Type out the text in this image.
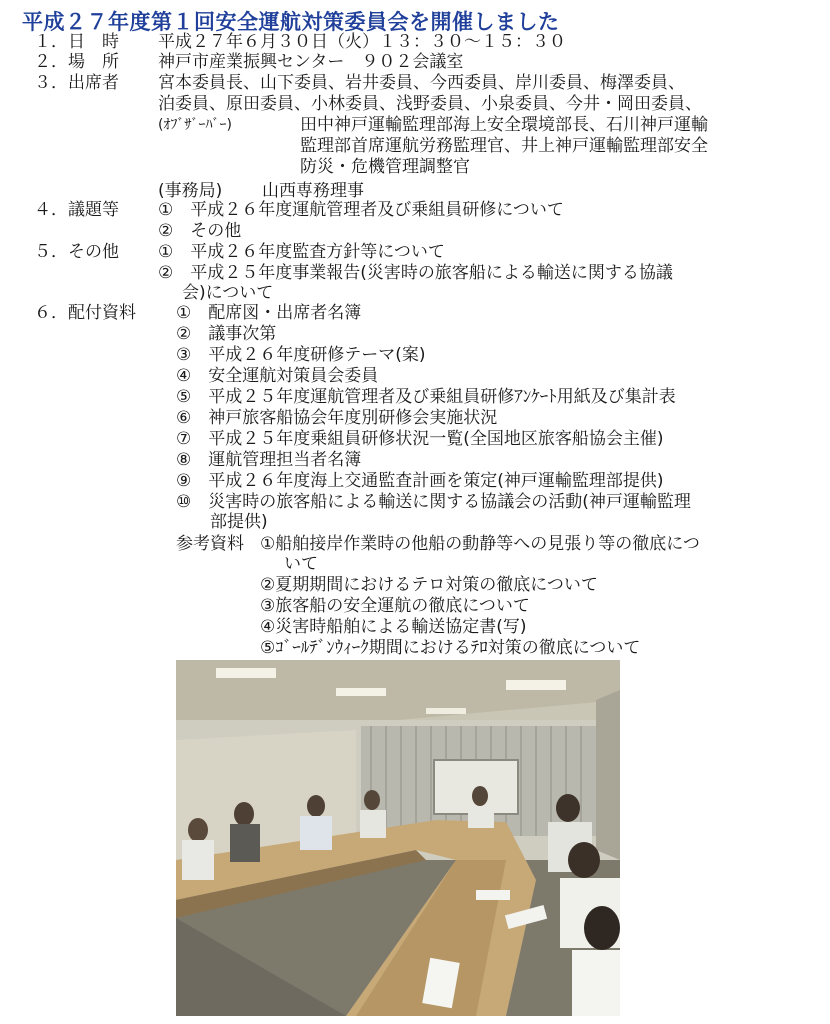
平成２７年度第１回安全運航対策委員会を開催しました
１． 日　時 平成２７年６月３０日（火）１３：３０～１５：３０
２． 場　所 神戸市産業振興センター　９０２会議室
３． 出席者 宮本委員長、山下委員、岩井委員、今西委員、岸川委員、梅澤委員、
泊委員、原田委員、小林委員、浅野委員、小泉委員、今井・岡田委員、
(ｵﾌﾞｻﾞｰﾊﾞｰ)	田中神戸運輸監理部海上安全環境部長、石川神戸運輸
監理部首席運航労務監理官、井上神戸運輸監理部安全
防災・危機管理調整官
(事務局) 山西専務理事
４． 議題等 ①　平成２６年度運航管理者及び乗組員研修について
②　その他
５． その他 ①　平成２６年度監査方針等について
②　平成２５年度事業報告(災害時の旅客船による輸送に関する協議
会)について
６． 配付資料 ①　配席図・出席者名簿
②　議事次第
③　平成２６年度研修テーマ(案)
④　安全運航対策員会委員
⑤　平成２５年度運航管理者及び乗組員研修ｱﾝｹｰﾄ用紙及び集計表
⑥　神戸旅客船協会年度別研修会実施状況
⑦　平成２５年度乗組員研修状況一覧(全国地区旅客船協会主催)
⑧　運航管理担当者名簿
⑨　平成２６年度海上交通監査計画を策定(神戸運輸監理部提供)
⑩　災害時の旅客船による輸送に関する協議会の活動(神戸運輸監理
部提供)
参考資料 ①船舶接岸作業時の他船の動静等への見張り等の徹底につ
いて
②夏期期間におけるテロ対策の徹底について
③旅客船の安全運航の徹底について
④災害時船舶による輸送協定書(写)
⑤ｺﾞｰﾙﾃﾞﾝｳｨｰｸ期間におけるﾃﾛ対策の徹底について
